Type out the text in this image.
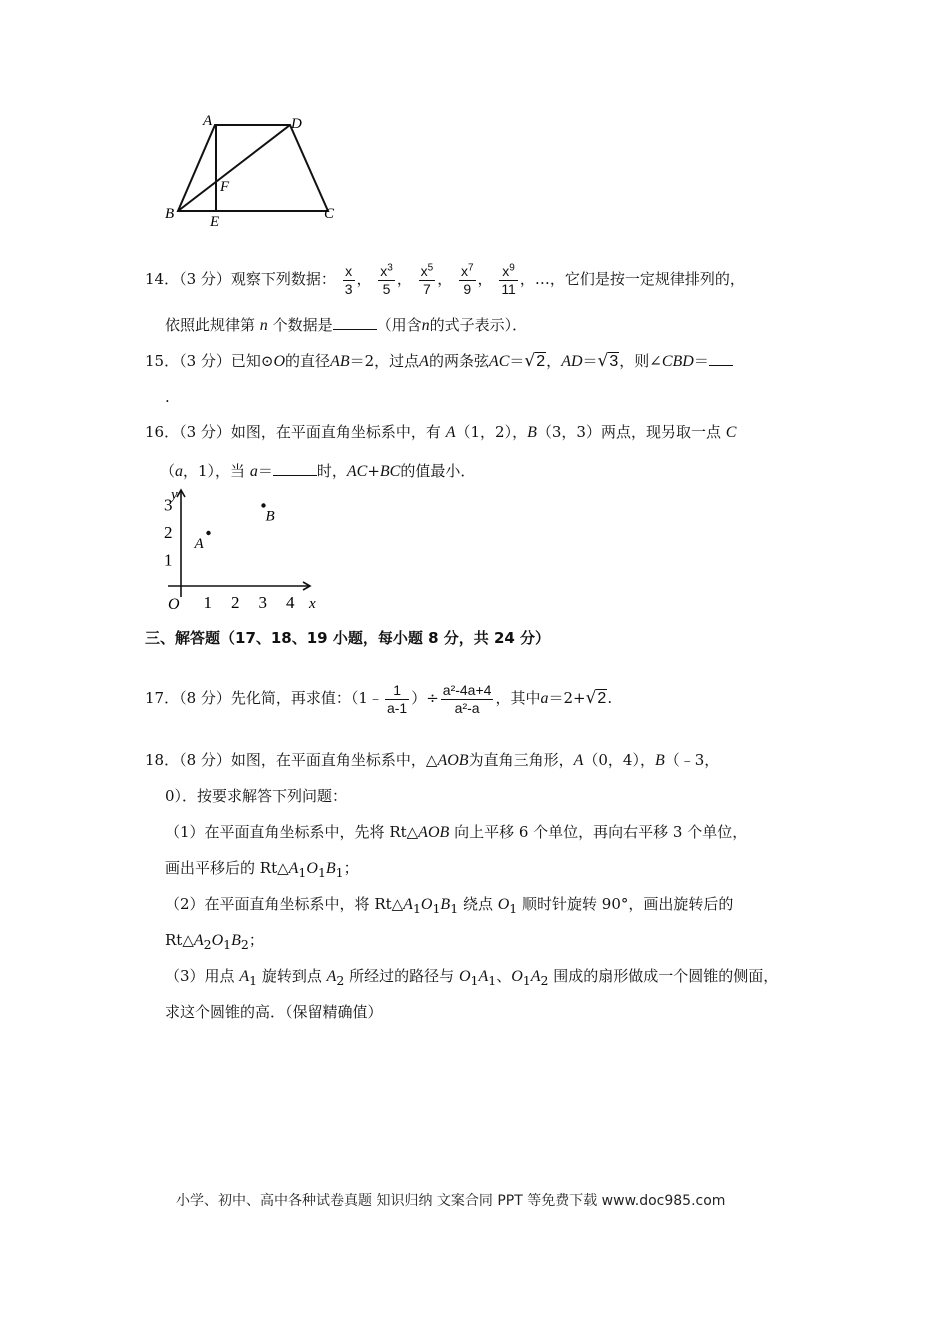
A	D
F
B E	C
14．（3 分）观察下列数据： $\frac{x}{3}$ ， $\frac{x^3}{5}$ ， $\frac{x^5}{7}$ ， $\frac{x^7}{9}$ ， $\frac{x^9}{11}$ ，…，它们是按一定规律排列的，
依照此规律第 n 个数据是	（用含n的式子表示）．
15．（3 分）已知⊙O的直径AB＝2，过点A的两条弦AC＝√2，AD＝√3，则∠CBD＝
.
16．（3 分）如图，在平面直角坐标系中，有 A（1，2），B（3，3）两点，现另取一点 C
（a，1），当 a＝	时，AC+BC的值最小．
y
x
O 1 2 3 4
1
2
3
A
B
三、解答题（17、18、19 小题，每小题 8 分，共 24 分）
17．（8 分）先化简，再求值：（1﹣ $\frac{1}{a-1}$ ）÷ $\frac{\text{a²-4a+4}}{\text{a²-a}}$ ，其中a＝2+√2.
18．（8 分）如图，在平面直角坐标系中，△AOB为直角三角形，A（0，4），B（﹣3，
0）．按要求解答下列问题：
（1）在平面直角坐标系中，先将 Rt△AOB 向上平移 6 个单位，再向右平移 3 个单位，
画出平移后的 $Rt\triangle A_1O_1B_1$；
（2）在平面直角坐标系中，将 $Rt\triangle A_1O_1B_1$ 绕点 $O_1$ 顺时针旋转 90°，画出旋转后的
$Rt\triangle A_2O_1B_2$；
（3）用点 $A_1$ 旋转到点 $A_2$ 所经过的路径与 $O_1A_1$、$O_1A_2$ 围成的扇形做成一个圆锥的侧面，
求这个圆锥的高．（保留精确值）
小学、初中、高中各种试卷真题 知识归纳 文案合同 PPT 等免费下载 www.doc985.com
